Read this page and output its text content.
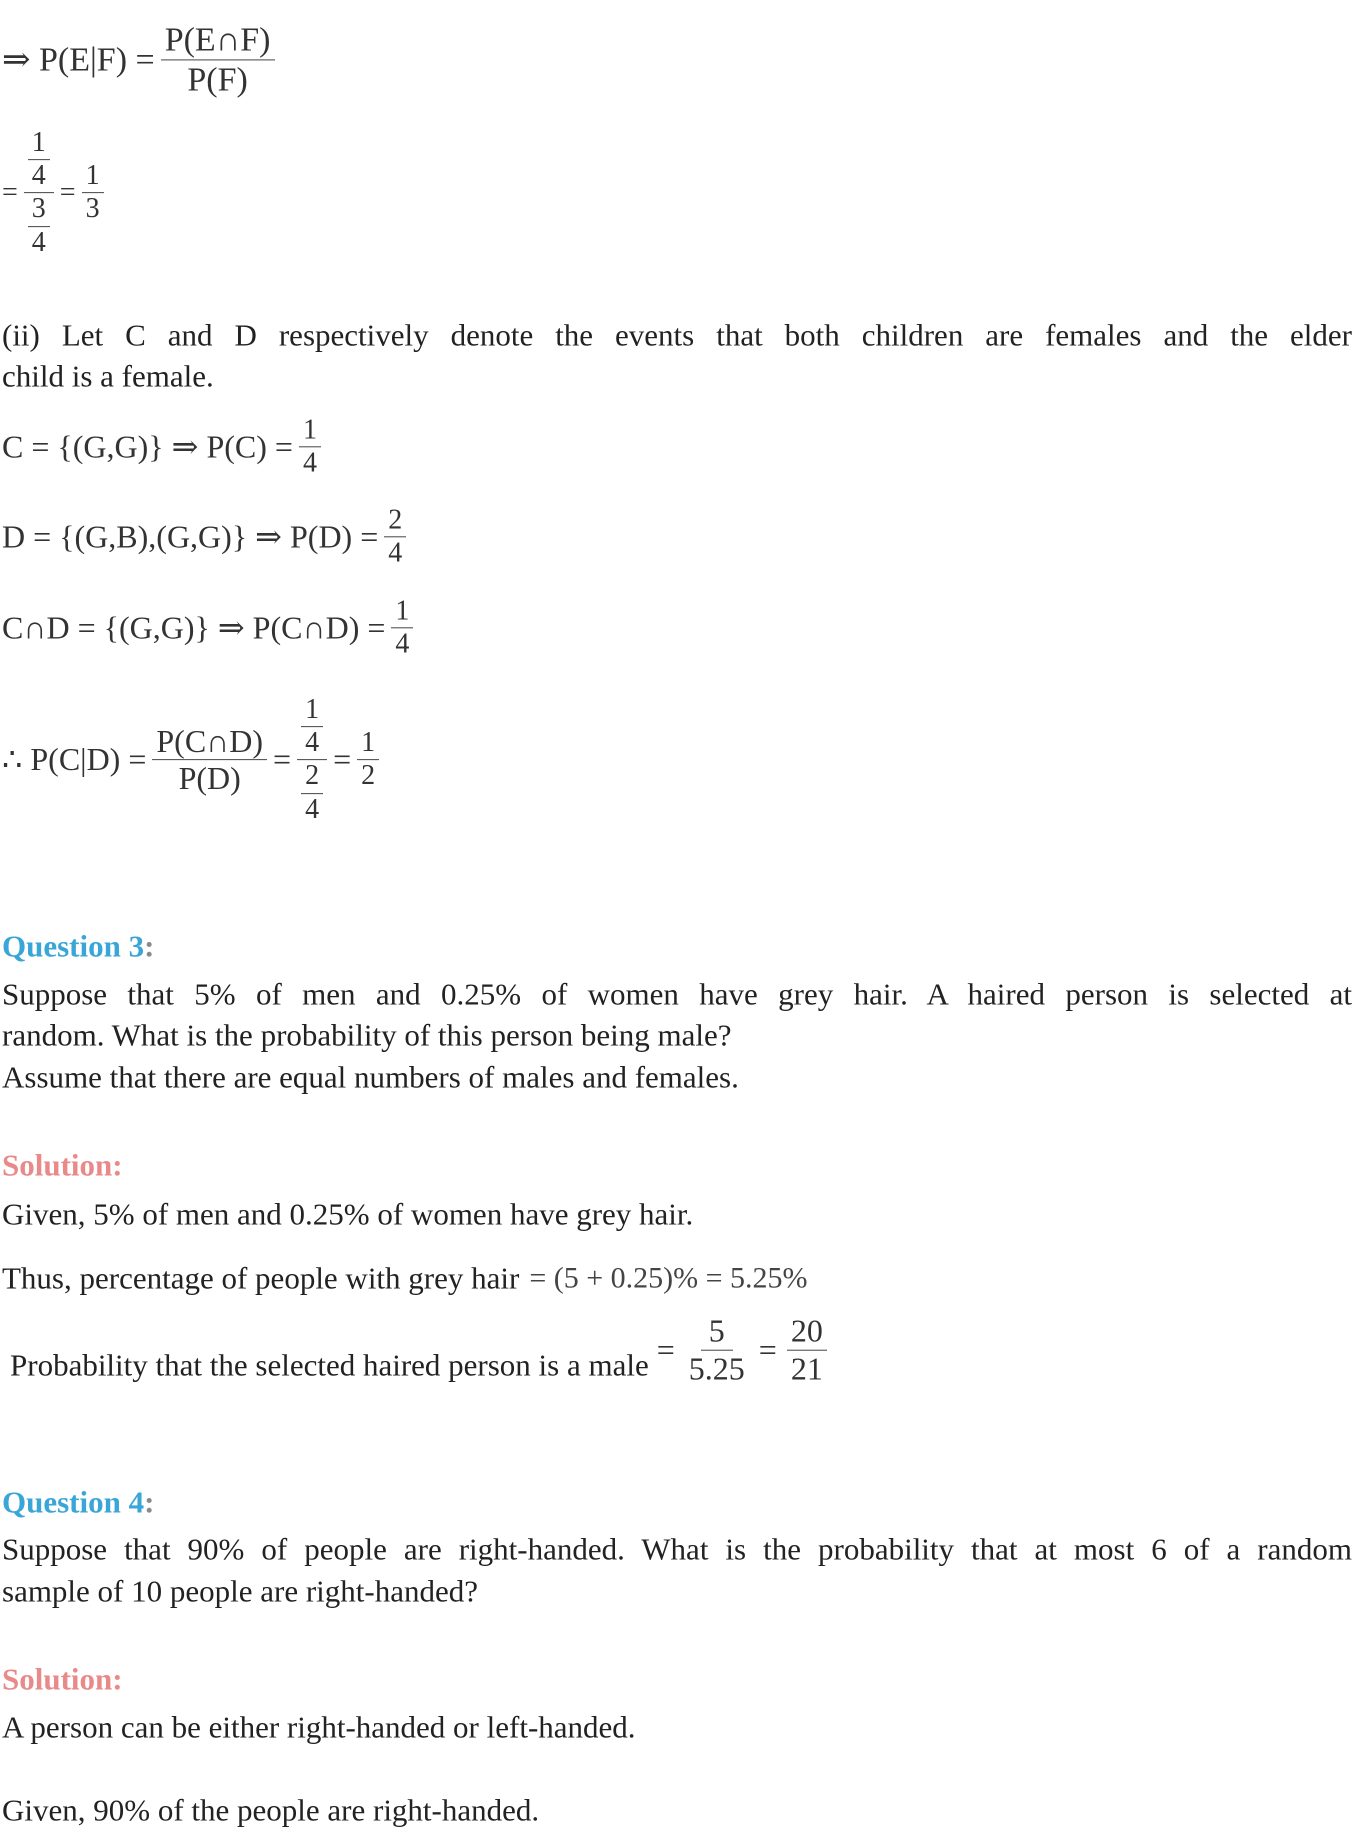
⇒ $P(E|F) = \frac{P(E\cap F)}{P(F)}$
= $\frac{\frac{1}{4}}{\frac{3}{4}} = \frac{1}{3}$
(ii) Let C and D respectively denote the events that both children are females and the elder
child is a female.
C = {(G,G)} ⇒ $P(C) = \frac{1}{4}$
D = {(G,B),(G,G)} ⇒ $P(D) = \frac{2}{4}$
C∩D = {(G,G)} ⇒ P(C∩D) = $\frac{1}{4}$
∴ $P(C|D) = \frac{P(C\cap D)}{P(D)} = \frac{\frac{1}{4}}{\frac{2}{4}} = \frac{1}{2}$
Question 3:
Suppose that 5% of men and 0.25% of women have grey hair. A haired person is selected at
random. What is the probability of this person being male?
Assume that there are equal numbers of males and females.
Solution:
Given, 5% of men and 0.25% of women have grey hair.
Thus, percentage of people with grey hair = (5 + 0.25)% = 5.25%
Probability that the selected haired person is a male = $\frac{5}{5.25} = \frac{20}{21}$
Question 4:
Suppose that 90% of people are right-handed. What is the probability that at most 6 of a random
sample of 10 people are right-handed?
Solution:
A person can be either right-handed or left-handed.
Given, 90% of the people are right-handed.
